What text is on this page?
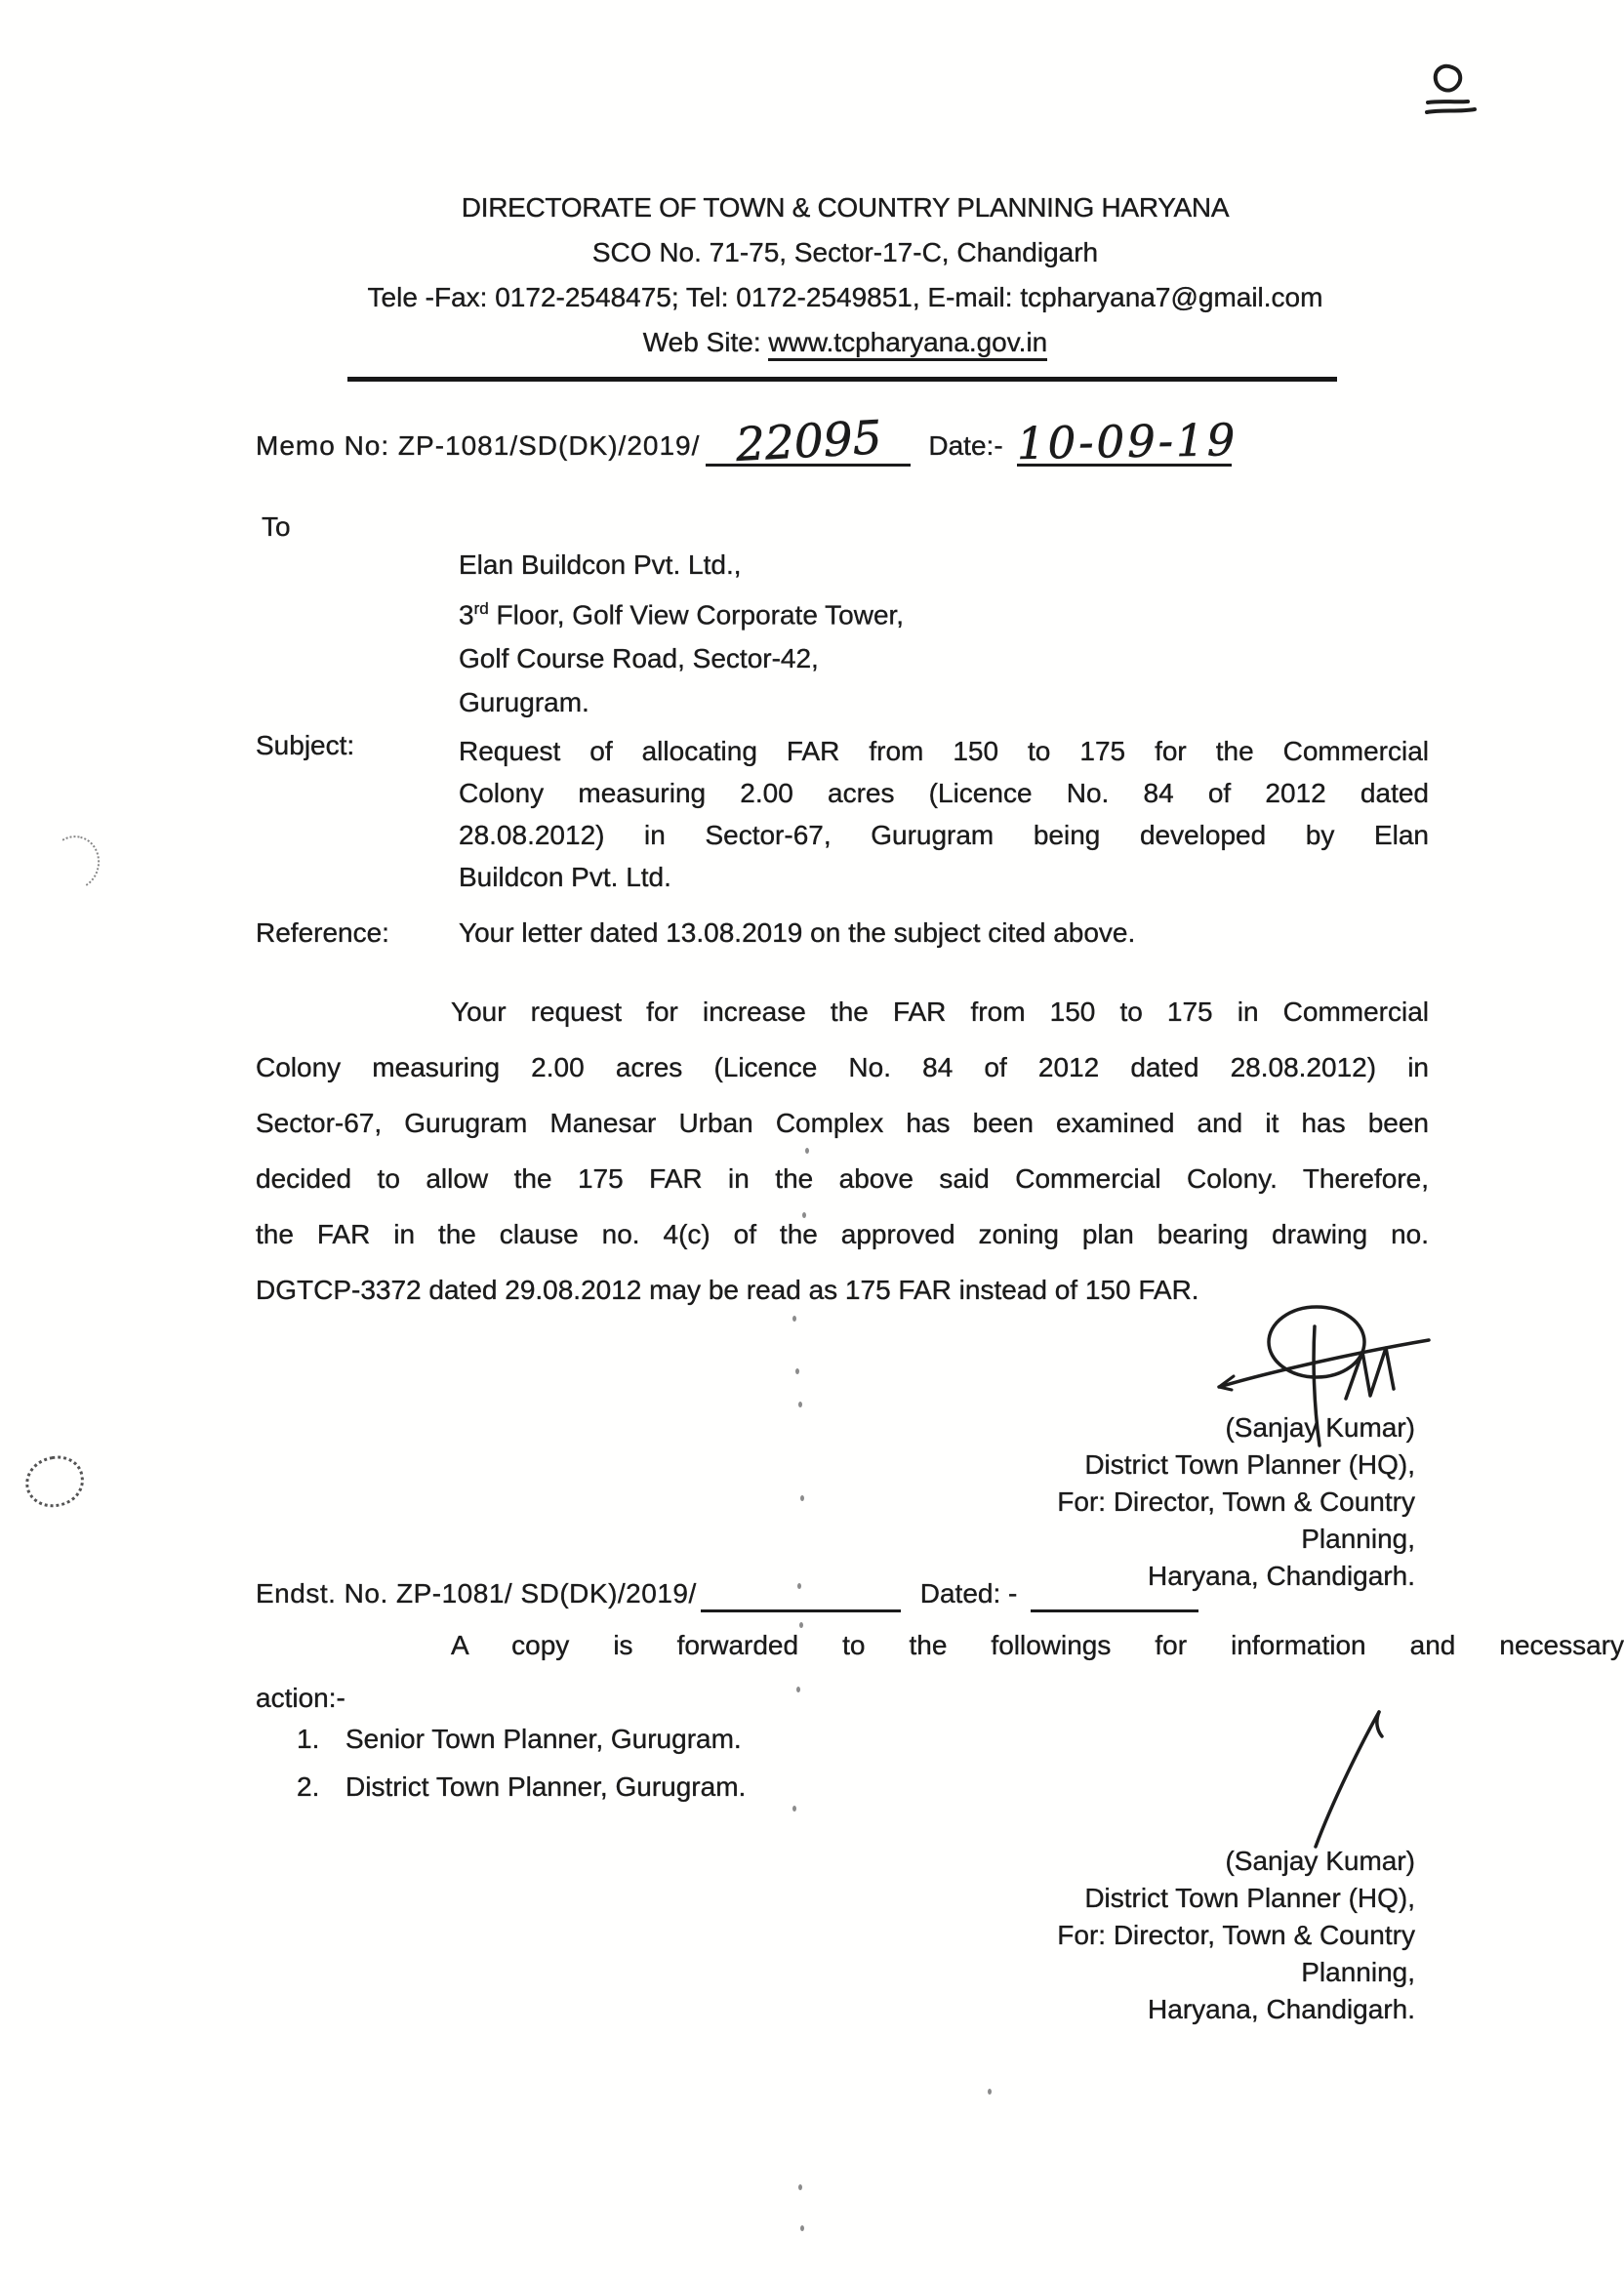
DIRECTORATE OF TOWN & COUNTRY PLANNING HARYANA
SCO No. 71-75, Sector-17-C, Chandigarh
Tele -Fax: 0172-2548475; Tel: 0172-2549851, E-mail: tcpharyana7@gmail.com
Web Site: www.tcpharyana.gov.in
Memo No: ZP-1081/SD(DK)/2019/ 22095	Date:- 10-09-19
To
Elan Buildcon Pvt. Ltd.,
3rd Floor, Golf View Corporate Tower,
Golf Course Road, Sector-42,
Gurugram.
Subject:	Request of allocating FAR from 150 to 175 for the Commercial
Colony measuring 2.00 acres (Licence No. 84 of 2012 dated
28.08.2012) in Sector-67, Gurugram being developed by Elan
Buildcon Pvt. Ltd.
Reference:	Your letter dated 13.08.2019 on the subject cited above.
Your request for increase the FAR from 150 to 175 in Commercial
Colony measuring 2.00 acres (Licence No. 84 of 2012 dated 28.08.2012) in
Sector-67, Gurugram Manesar Urban Complex has been examined and it has been
decided to allow the 175 FAR in the above said Commercial Colony. Therefore,
the FAR in the clause no. 4(c) of the approved zoning plan bearing drawing no.
DGTCP-3372 dated 29.08.2012 may be read as 175 FAR instead of 150 FAR.
(Sanjay Kumar)
District Town Planner (HQ),
For: Director, Town & Country Planning,
Haryana, Chandigarh.
Endst. No. ZP-1081/ SD(DK)/2019/	Dated: -
A copy is forwarded to the followings for information and necessary
action:-
1. Senior Town Planner, Gurugram.
2. District Town Planner, Gurugram.
(Sanjay Kumar)
District Town Planner (HQ),
For: Director, Town & Country Planning,
Haryana, Chandigarh.
